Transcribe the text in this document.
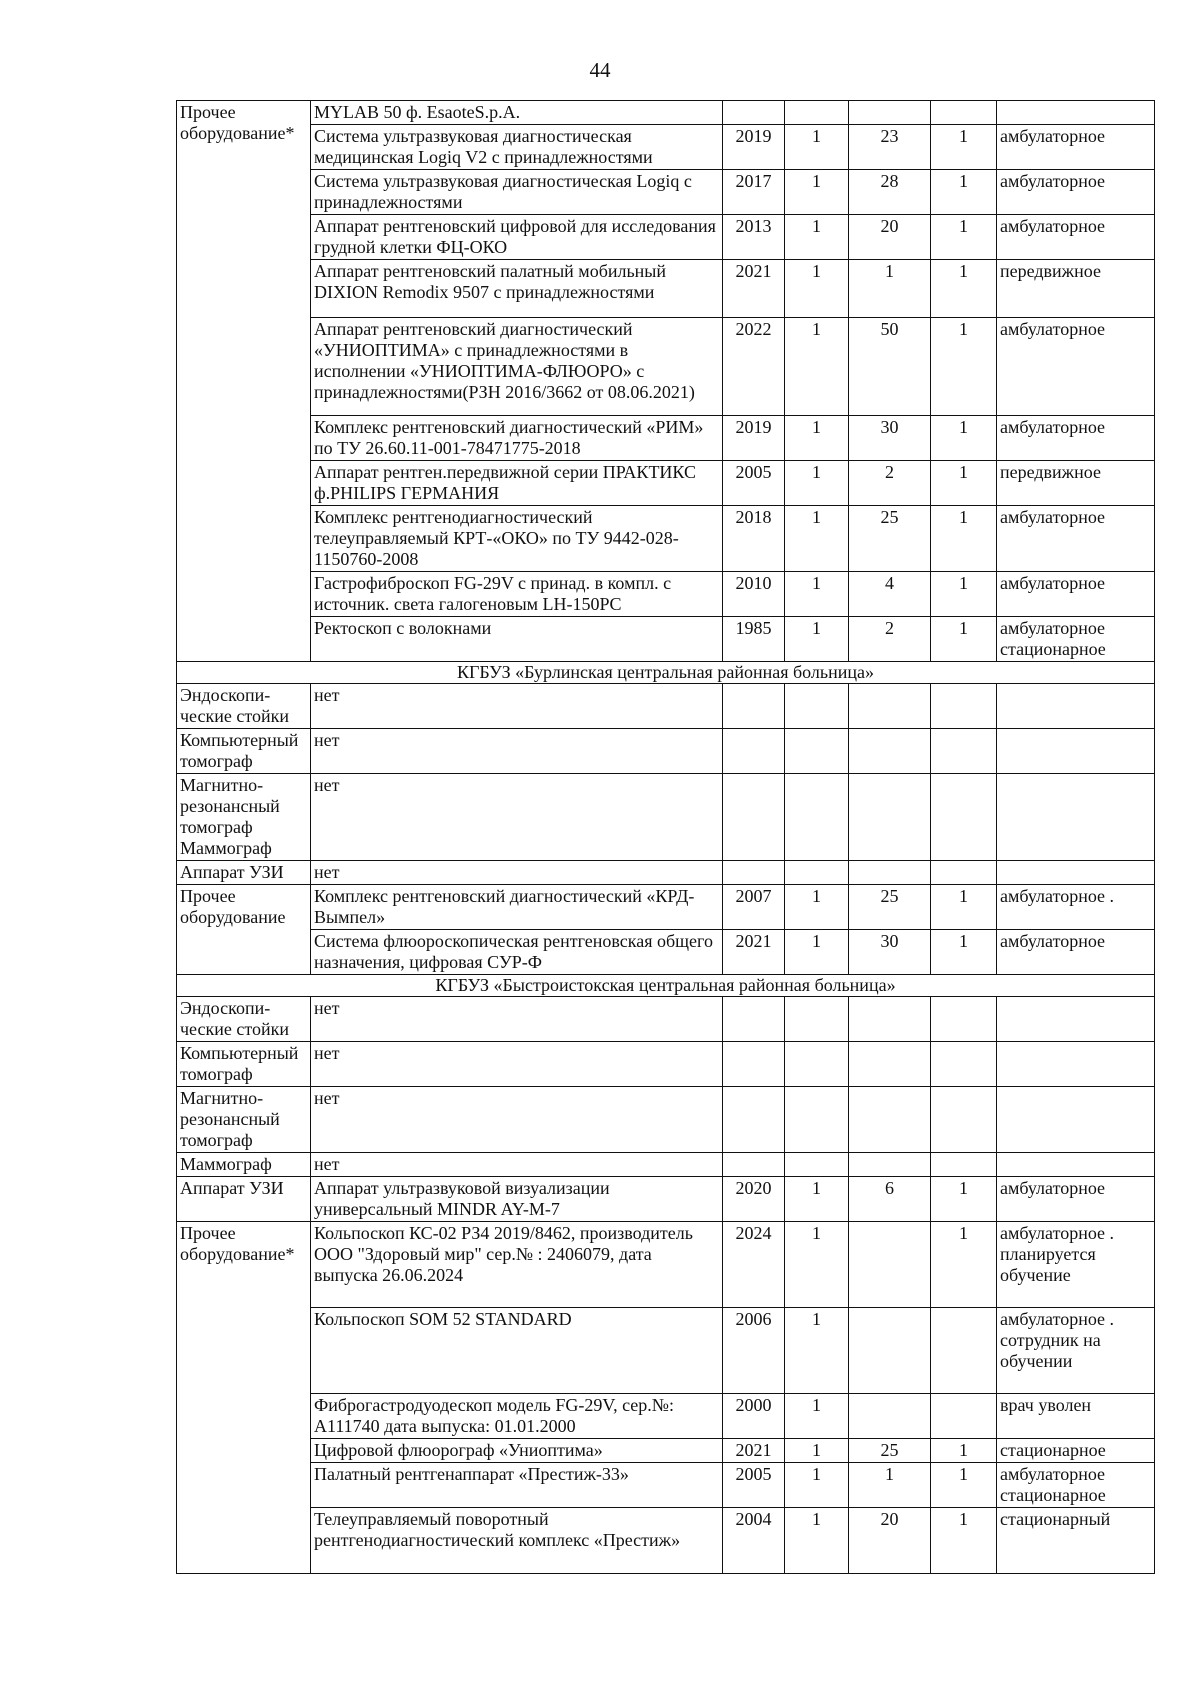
44
Прочее оборудование*	MYLAB 50 ф. EsaoteS.p.A.					
	Система ультразвуковая диагностическая медицинская Logiq V2 с принадлежностями	2019	1	23	1	амбулаторное
	Система ультразвуковая диагностическая Logiq с принадлежностями	2017	1	28	1	амбулаторное
	Аппарат рентгеновский цифровой для исследования грудной клетки ФЦ-ОКО	2013	1	20	1	амбулаторное
	Аппарат рентгеновский палатный мобильный DIXION Remodix 9507 с принадлежностями	2021	1	1	1	передвижное
	Аппарат рентгеновский диагностический «УНИОПТИМА» с принадлежностями в исполнении «УНИОПТИМА-ФЛЮОРО» с принадлежностями(РЗН 2016/3662 от 08.06.2021)	2022	1	50	1	амбулаторное
	Комплекс рентгеновский диагностический «РИМ» по ТУ 26.60.11-001-78471775-2018	2019	1	30	1	амбулаторное
	Аппарат рентген.передвижной серии ПРАКТИКС ф.PHILIPS ГЕРМАНИЯ	2005	1	2	1	передвижное
	Комплекс рентгенодиагностический телеуправляемый КРТ-«ОКО» по ТУ 9442-028-1150760-2008	2018	1	25	1	амбулаторное
	Гастрофиброскоп FG-29V с принад. в компл. с источник. света галогеновым LH-150PC	2010	1	4	1	амбулаторное
	Ректоскоп с волокнами	1985	1	2	1	амбулаторное стационарное
КГБУЗ «Бурлинская центральная районная больница»						
Эндоскопи-ческие стойки	нет					
Компьютерный томограф	нет					
Магнитно-резонансный томограф Маммограф	нет					
Аппарат УЗИ	нет					
Прочее оборудование	Комплекс рентгеновский диагностический «КРД-Вымпел»	2007	1	25	1	амбулаторное .
	Система флюороскопическая рентгеновская общего назначения, цифровая СУР-Ф	2021	1	30	1	амбулаторное
КГБУЗ «Быстроистокская центральная районная больница»						
Эндоскопи-ческие стойки	нет					
Компьютерный томограф	нет					
Магнитно-резонансный томограф	нет					
Маммограф	нет					
Аппарат УЗИ	Аппарат ультразвуковой визуализации универсальный MINDR AY-M-7	2020	1	6	1	амбулаторное
Прочее оборудование*	Кольпоскоп КС-02 РЗ4 2019/8462, производитель ООО "Здоровый мир" сер.№ : 2406079, дата выпуска 26.06.2024	2024	1		1	амбулаторное . планируется обучение
	Кольпоскоп SOM 52 STANDARD	2006	1			амбулаторное . сотрудник на обучении
	Фиброгастродуодескоп модель FG-29V, сер.№: A111740 дата выпуска: 01.01.2000	2000	1			врач уволен
	Цифровой флюорограф «Униоптима»	2021	1	25	1	стационарное
	Палатный рентгенаппарат «Престиж-33»	2005	1	1	1	амбулаторное стационарное
	Телеуправляемый поворотный рентгенодиагностический комплекс «Престиж»	2004	1	20	1	стационарный
